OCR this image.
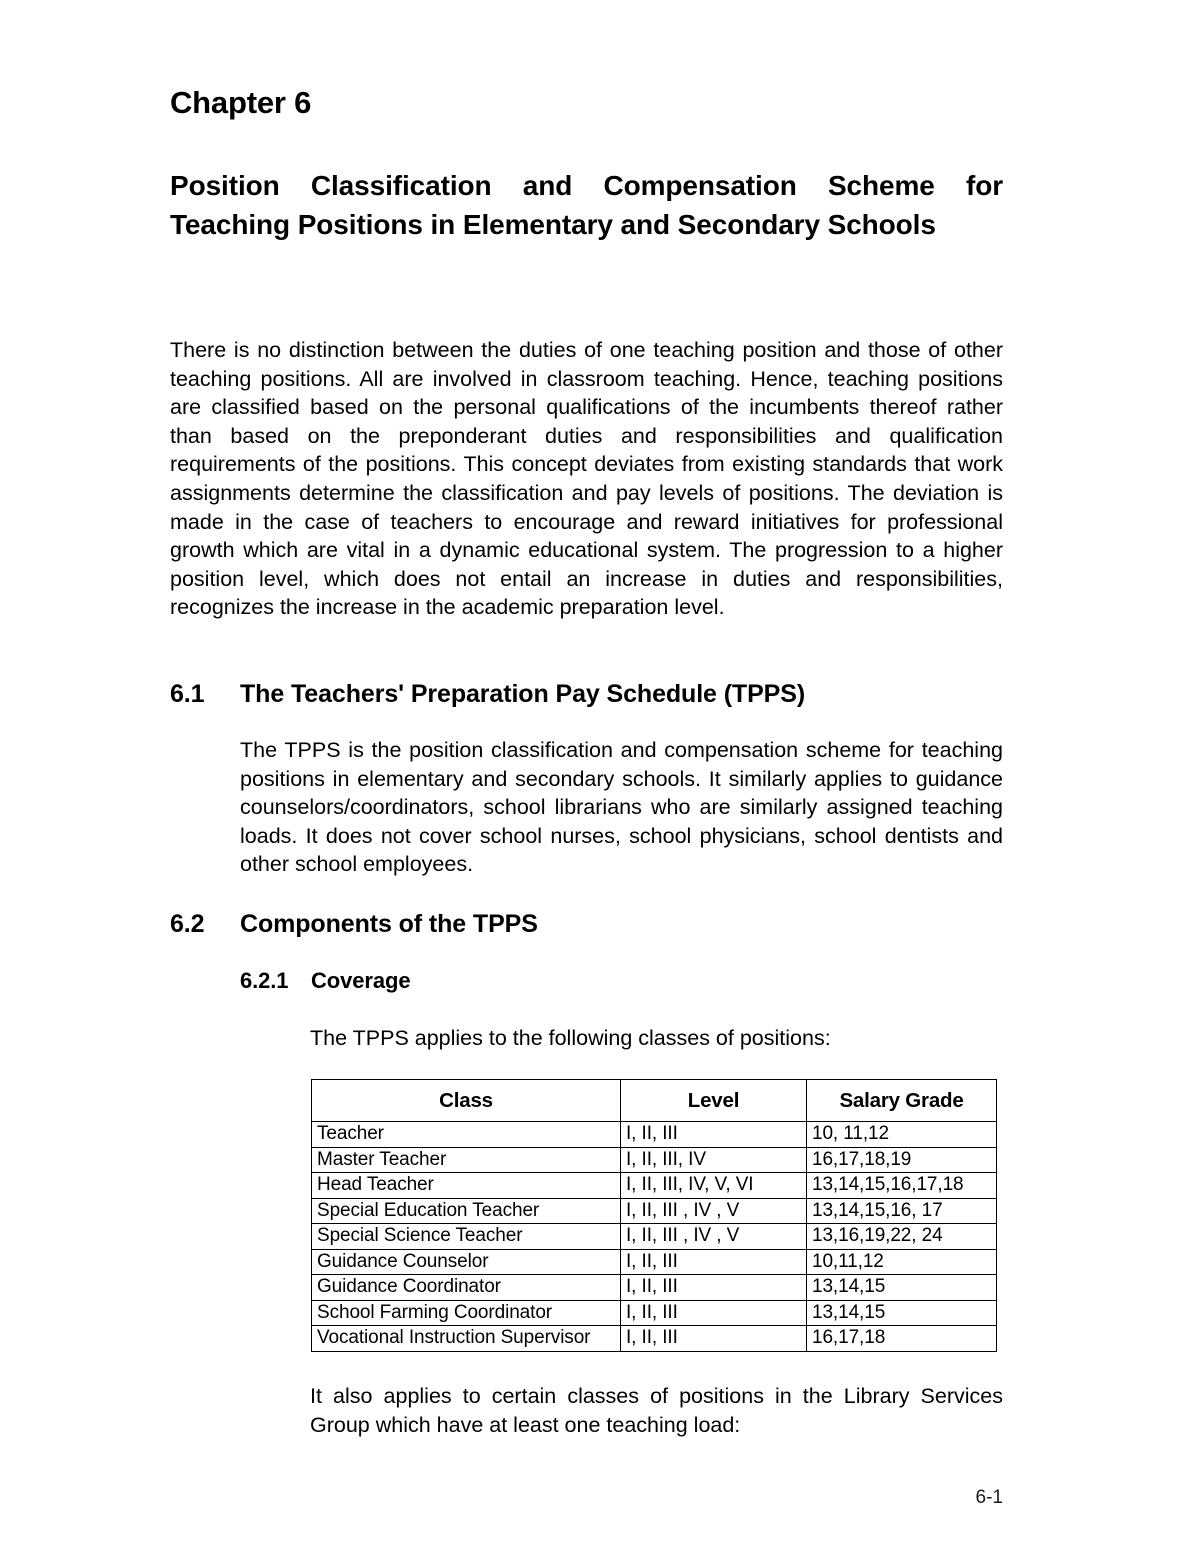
Chapter 6
Position Classification and Compensation Scheme for Teaching Positions in Elementary and Secondary Schools
There is no distinction between the duties of one teaching position and those of other teaching positions. All are involved in classroom teaching. Hence, teaching positions are classified based on the personal qualifications of the incumbents thereof rather than based on the preponderant duties and responsibilities and qualification requirements of the positions. This concept deviates from existing standards that work assignments determine the classification and pay levels of positions. The deviation is made in the case of teachers to encourage and reward initiatives for professional growth which are vital in a dynamic educational system. The progression to a higher position level, which does not entail an increase in duties and responsibilities, recognizes the increase in the academic preparation level.
6.1 The Teachers' Preparation Pay Schedule (TPPS)
The TPPS is the position classification and compensation scheme for teaching positions in elementary and secondary schools. It similarly applies to guidance counselors/coordinators, school librarians who are similarly assigned teaching loads. It does not cover school nurses, school physicians, school dentists and other school employees.
6.2 Components of the TPPS
6.2.1 Coverage
The TPPS applies to the following classes of positions:
Class	Level	Salary Grade
Teacher	I, II, III	10, 11,12
Master Teacher	I, II, III, IV	16,17,18,19
Head Teacher	I, II, III, IV, V, VI	13,14,15,16,17,18
Special Education Teacher	I, II, III , IV , V	13,14,15,16, 17
Special Science Teacher	I, II, III , IV , V	13,16,19,22, 24
Guidance Counselor	I, II, III	10,11,12
Guidance Coordinator	I, II, III	13,14,15
School Farming Coordinator	I, II, III	13,14,15
Vocational Instruction Supervisor	I, II, III	16,17,18
It also applies to certain classes of positions in the Library Services Group which have at least one teaching load:
6-1
